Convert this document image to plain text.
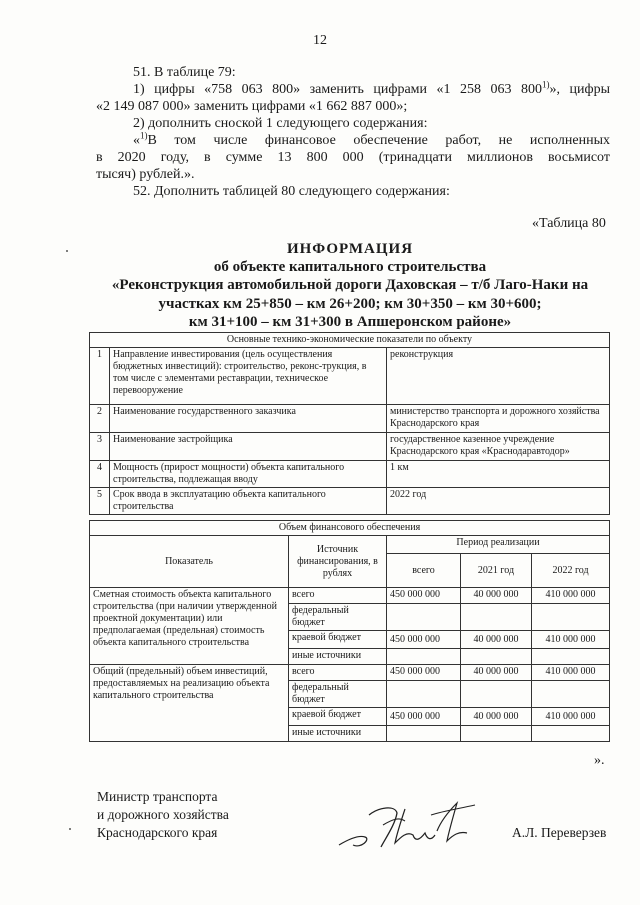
12
51. В таблице 79:
1) цифры «758 063 800» заменить цифрами «1 258 063 800$^{1)}$», цифры
«2 149 087 000» заменить цифрами «1 662 887 000»;
2) дополнить сноской 1 следующего содержания:
«$^{1)}$В том числе финансовое обеспечение работ, не исполненных
в 2020 году, в сумме 13 800 000 (тринадцати миллионов восьмисот
тысяч) рублей.».
52. Дополнить таблицей 80 следующего содержания:
«Таблица 80
ИНФОРМАЦИЯ
об объекте капитального строительства
«Реконструкция автомобильной дороги Даховская – т/б Лаго-Наки на
участках км 25+850 – км 26+200; км 30+350 – км 30+600;
км 31+100 – км 31+300 в Апшеронском районе»
Основные технико-экономические показатели по объекту		
1	Направление инвестирования (цель осуществления бюджетных инвестиций): строительство, реконс-трукция, в том числе с элементами реставрации, техническое перевооружение	реконструкция
2	Наименование государственного заказчика	министерство транспорта и дорожного хозяйства Краснодарского края
3	Наименование застройщика	государственное казенное учреждение Краснодарского края «Краснодаравтодор»
4	Мощность (прирост мощности) объекта капитального строительства, подлежащая вводу	1 км
5	Срок ввода в эксплуатацию объекта капитального строительства	2022 год
Объем финансового обеспечения				
Показатель	Источник финансирования, в рублях	Период реализации		
		всего	2021 год	2022 год
Сметная стоимость объекта капитального строительства (при наличии утвержденной проектной документации) или предполагаемая (предельная) стоимость объекта капитального строительства	всего	450 000 000	40 000 000	410 000 000
	федеральный бюджет			
	краевой бюджет	450 000 000	40 000 000	410 000 000
	иные источники			
Общий (предельный) объем инвестиций, предоставляемых на реализацию объекта капитального строительства	всего	450 000 000	40 000 000	410 000 000
	федеральный бюджет			
	краевой бюджет	450 000 000	40 000 000	410 000 000
	иные источники			
».
Министр транспорта
и дорожного хозяйства
Краснодарского края	А.Л. Переверзев
